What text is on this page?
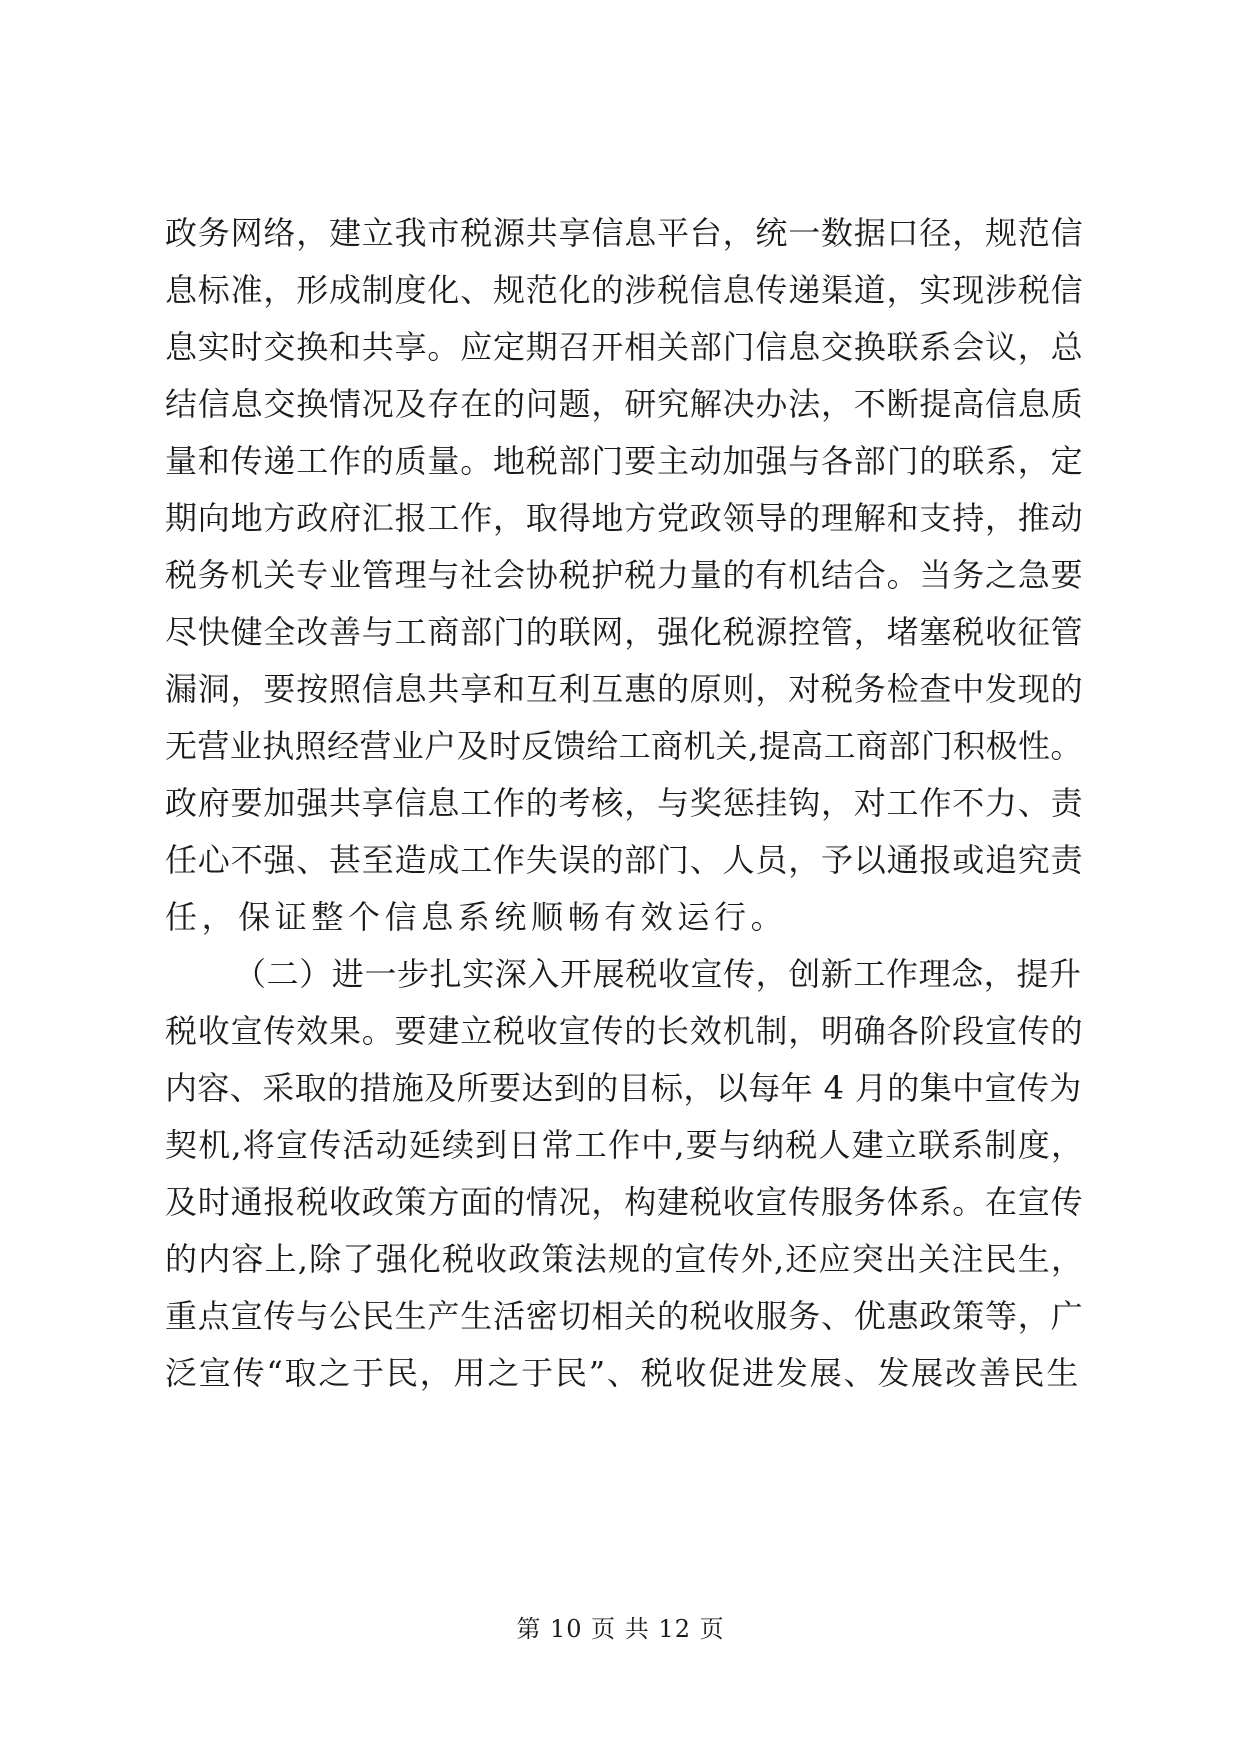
政务网络，建立我市税源共享信息平台，统一数据口径，规范信
息标准，形成制度化、规范化的涉税信息传递渠道，实现涉税信
息实时交换和共享。应定期召开相关部门信息交换联系会议，总
结信息交换情况及存在的问题，研究解决办法，不断提高信息质
量和传递工作的质量。地税部门要主动加强与各部门的联系，定
期向地方政府汇报工作，取得地方党政领导的理解和支持，推动
税务机关专业管理与社会协税护税力量的有机结合。当务之急要
尽快健全改善与工商部门的联网，强化税源控管，堵塞税收征管
漏洞，要按照信息共享和互利互惠的原则，对税务检查中发现的
无营业执照经营业户及时反馈给工商机关,提高工商部门积极性。
政府要加强共享信息工作的考核，与奖惩挂钩，对工作不力、责
任心不强、甚至造成工作失误的部门、人员，予以通报或追究责
任，保证整个信息系统顺畅有效运行。
（二）进一步扎实深入开展税收宣传，创新工作理念，提升
税收宣传效果。要建立税收宣传的长效机制，明确各阶段宣传的
内容、采取的措施及所要达到的目标，以每年 4 月的集中宣传为
契机,将宣传活动延续到日常工作中,要与纳税人建立联系制度，
及时通报税收政策方面的情况，构建税收宣传服务体系。在宣传
的内容上,除了强化税收政策法规的宣传外,还应突出关注民生，
重点宣传与公民生产生活密切相关的税收服务、优惠政策等，广
泛宣传“取之于民，用之于民”、税收促进发展、发展改善民生
第 10 页 共 12 页
